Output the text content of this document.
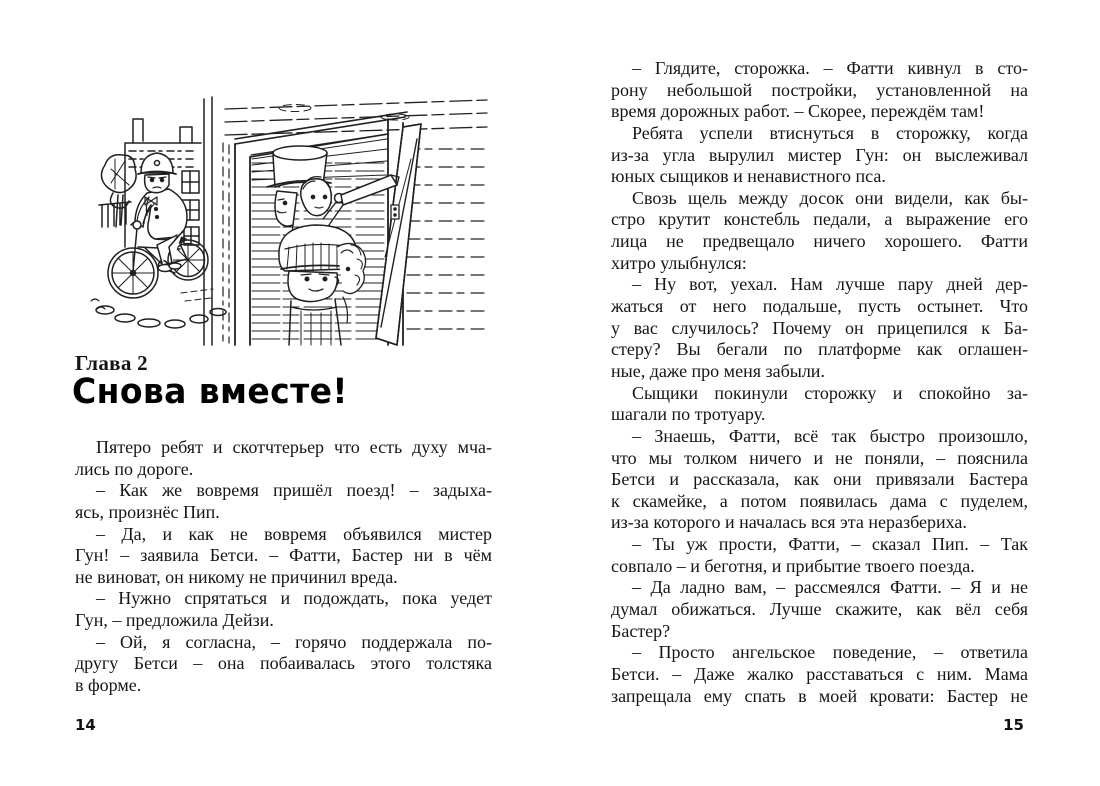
Глава 2
Снова вместе!
Пятеро ребят и скотчтерьер что есть духу мча-
лись по дороге.
– Как же вовремя пришёл поезд! – задыха-
ясь, произнёс Пип.
– Да, и как не вовремя объявился мистер
Гун! – заявила Бетси. – Фатти, Бастер ни в чём
не виноват, он никому не причинил вреда.
– Нужно спрятаться и подождать, пока уедет
Гун, – предложила Дейзи.
– Ой, я согласна, – горячо поддержала по-
другу Бетси – она побаивалась этого толстяка
в форме.
14
– Глядите, сторожка. – Фатти кивнул в сто-
рону небольшой постройки, установленной на
время дорожных работ. – Скорее, переждём там!
Ребята успели втиснуться в сторожку, когда
из-за угла вырулил мистер Гун: он выслеживал
юных сыщиков и ненавистного пса.
Свозь щель между досок они видели, как бы-
стро крутит констебль педали, а выражение его
лица не предвещало ничего хорошего. Фатти
хитро улыбнулся:
– Ну вот, уехал. Нам лучше пару дней дер-
жаться от него подальше, пусть остынет. Что
у вас случилось? Почему он прицепился к Ба-
стеру? Вы бегали по платформе как оглашен-
ные, даже про меня забыли.
Сыщики покинули сторожку и спокойно за-
шагали по тротуару.
– Знаешь, Фатти, всё так быстро произошло,
что мы толком ничего и не поняли, – пояснила
Бетси и рассказала, как они привязали Бастера
к скамейке, а потом появилась дама с пуделем,
из-за которого и началась вся эта неразбериха.
– Ты уж прости, Фатти, – сказал Пип. – Так
совпало – и беготня, и прибытие твоего поезда.
– Да ладно вам, – рассмеялся Фатти. – Я и не
думал обижаться. Лучше скажите, как вёл себя
Бастер?
– Просто ангельское поведение, – ответила
Бетси. – Даже жалко расставаться с ним. Мама
запрещала ему спать в моей кровати: Бастер не
15
